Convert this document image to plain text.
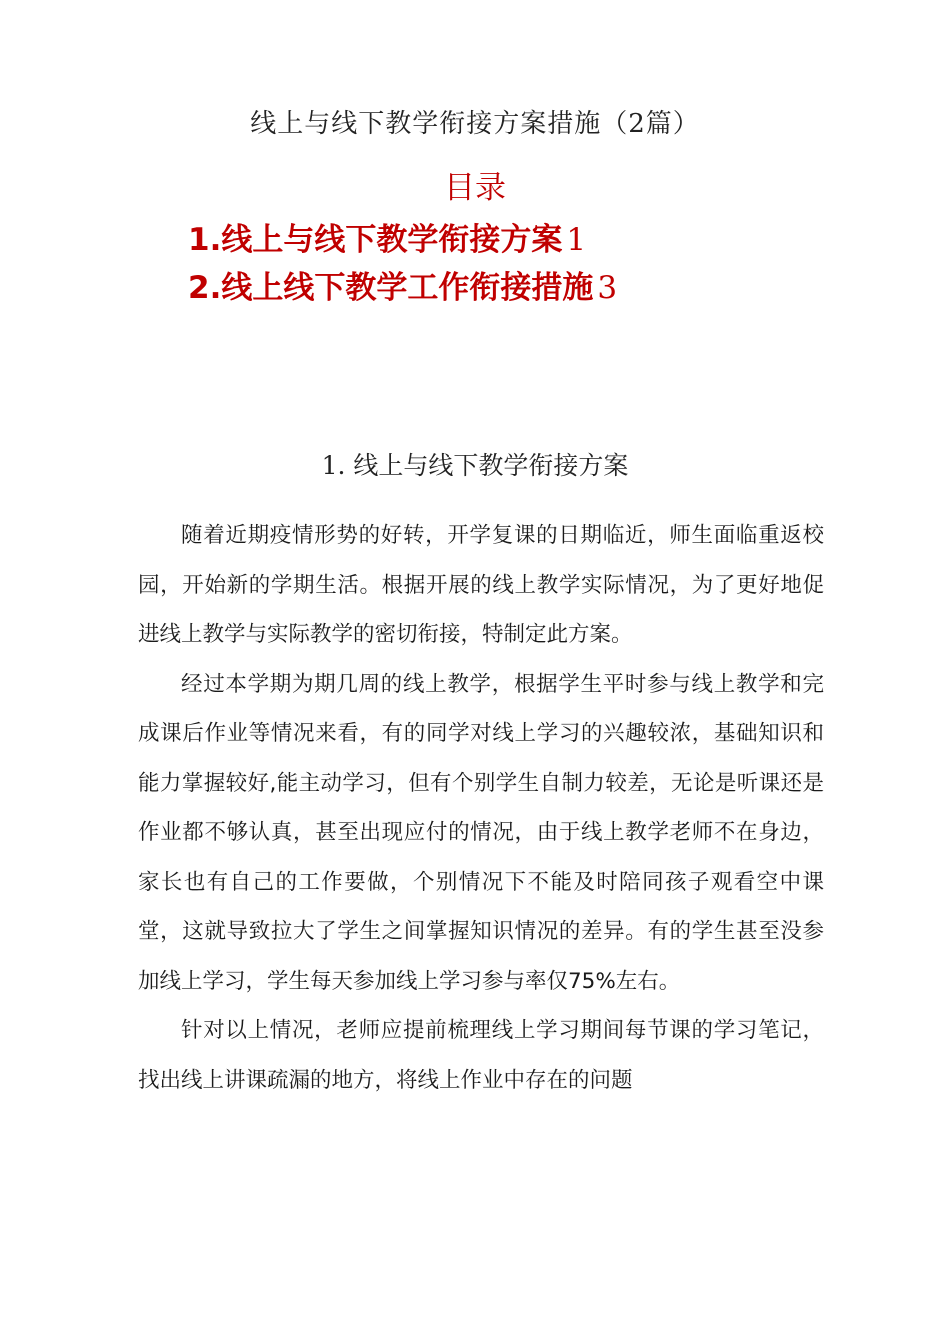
线上与线下教学衔接方案措施（2篇）
目录
1.线上与线下教学衔接方案 1
2.线上线下教学工作衔接措施 3
1. 线上与线下教学衔接方案

随着近期疫情形势的好转，开学复课的日期临近，师生面临重返校园，开始新的学期生活。根据开展的线上教学实际情况，为了更好地促进线上教学与实际教学的密切衔接，特制定此方案。

经过本学期为期几周的线上教学，根据学生平时参与线上教学和完成课后作业等情况来看，有的同学对线上学习的兴趣较浓，基础知识和能力掌握较好,能主动学习，但有个别学生自制力较差，无论是听课还是作业都不够认真，甚至出现应付的情况，由于线上教学老师不在身边，家长也有自己的工作要做，个别情况下不能及时陪同孩子观看空中课堂，这就导致拉大了学生之间掌握知识情况的差异。有的学生甚至没参加线上学习，学生每天参加线上学习参与率仅75%左右。

针对以上情况，老师应提前梳理线上学习期间每节课的学习笔记，找出线上讲课疏漏的地方，将线上作业中存在的问题
